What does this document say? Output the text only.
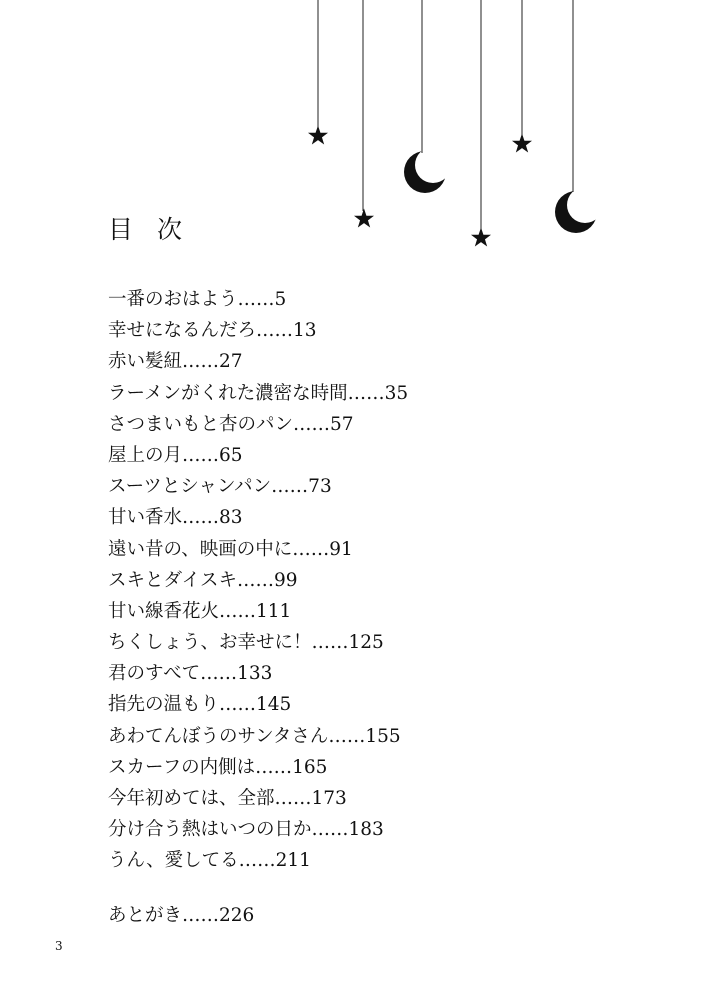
目 次
一番のおはよう……5
幸せになるんだろ……13
赤い髪紐……27
ラーメンがくれた濃密な時間……35
さつまいもと杏のパン……57
屋上の月……65
スーツとシャンパン……73
甘い香水……83
遠い昔の、映画の中に……91
スキとダイスキ……99
甘い線香花火……111
ちくしょう、お幸せに！……125
君のすべて……133
指先の温もり……145
あわてんぼうのサンタさん……155
スカーフの内側は……165
今年初めては、全部……173
分け合う熱はいつの日か……183
うん、愛してる……211
あとがき……226
3
